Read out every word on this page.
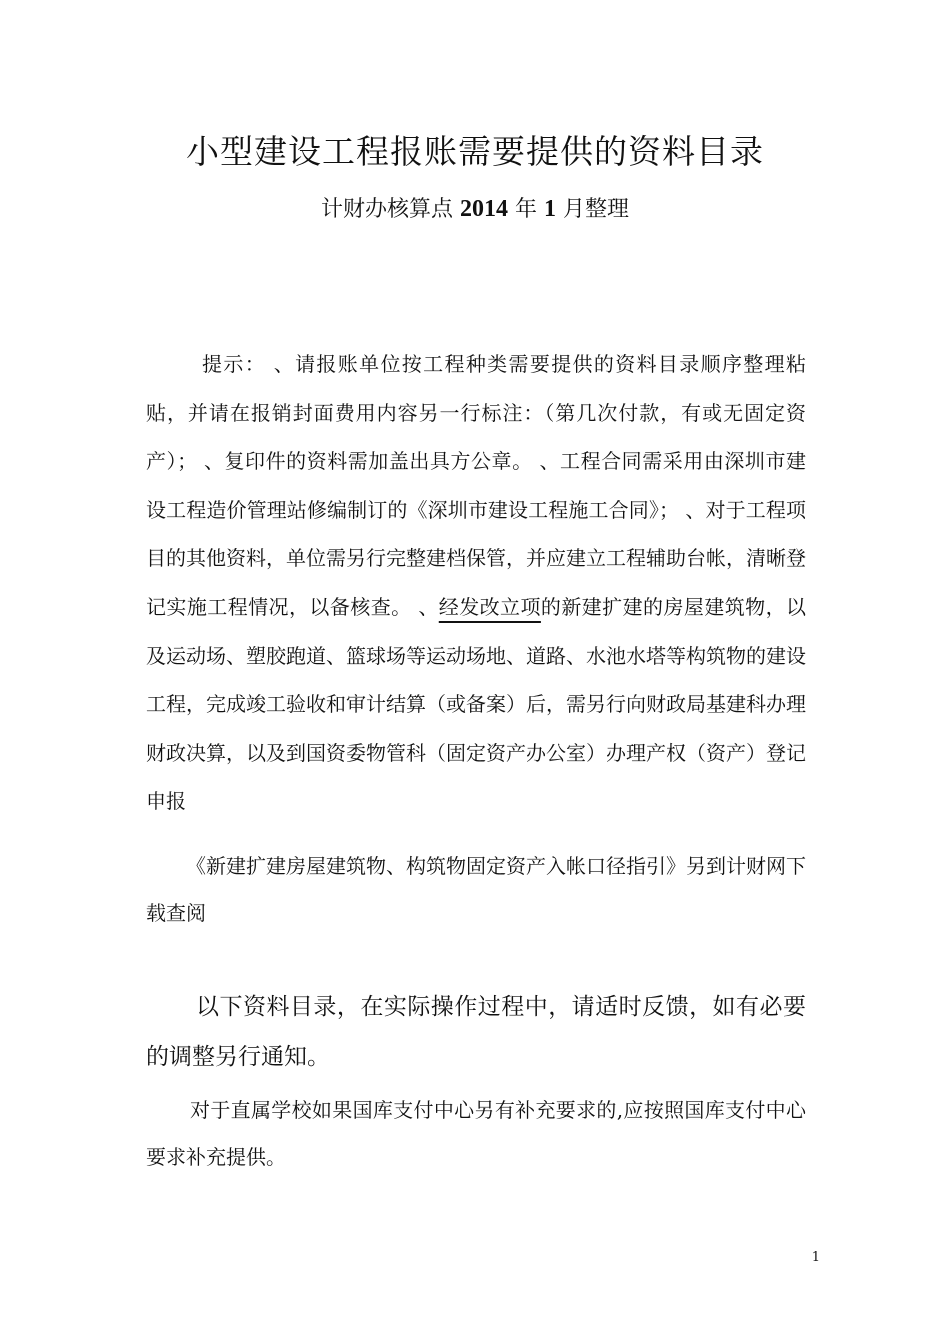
小型建设工程报账需要提供的资料目录
计财办核算点 2014 年 1 月整理
提示： 、请报账单位按工程种类需要提供的资料目录顺序整理粘贴，并请在报销封面费用内容另一行标注：（第几次付款，有或无固定资产）； 、复印件的资料需加盖出具方公章。 、工程合同需采用由深圳市建设工程造价管理站修编制订的《深圳市建设工程施工合同》； 、对于工程项目的其他资料，单位需另行完整建档保管，并应建立工程辅助台帐，清晰登记实施工程情况，以备核查。 、经发改立项的新建扩建的房屋建筑物，以及运动场、塑胶跑道、篮球场等运动场地、道路、水池水塔等构筑物的建设工程，完成竣工验收和审计结算（或备案）后，需另行向财政局基建科办理财政决算，以及到国资委物管科（固定资产办公室）办理产权（资产）登记申报
《新建扩建房屋建筑物、构筑物固定资产入帐口径指引》另到计财网下载查阅
以下资料目录，在实际操作过程中，请适时反馈，如有必要的调整另行通知。
对于直属学校如果国库支付中心另有补充要求的,应按照国库支付中心要求补充提供。
1
